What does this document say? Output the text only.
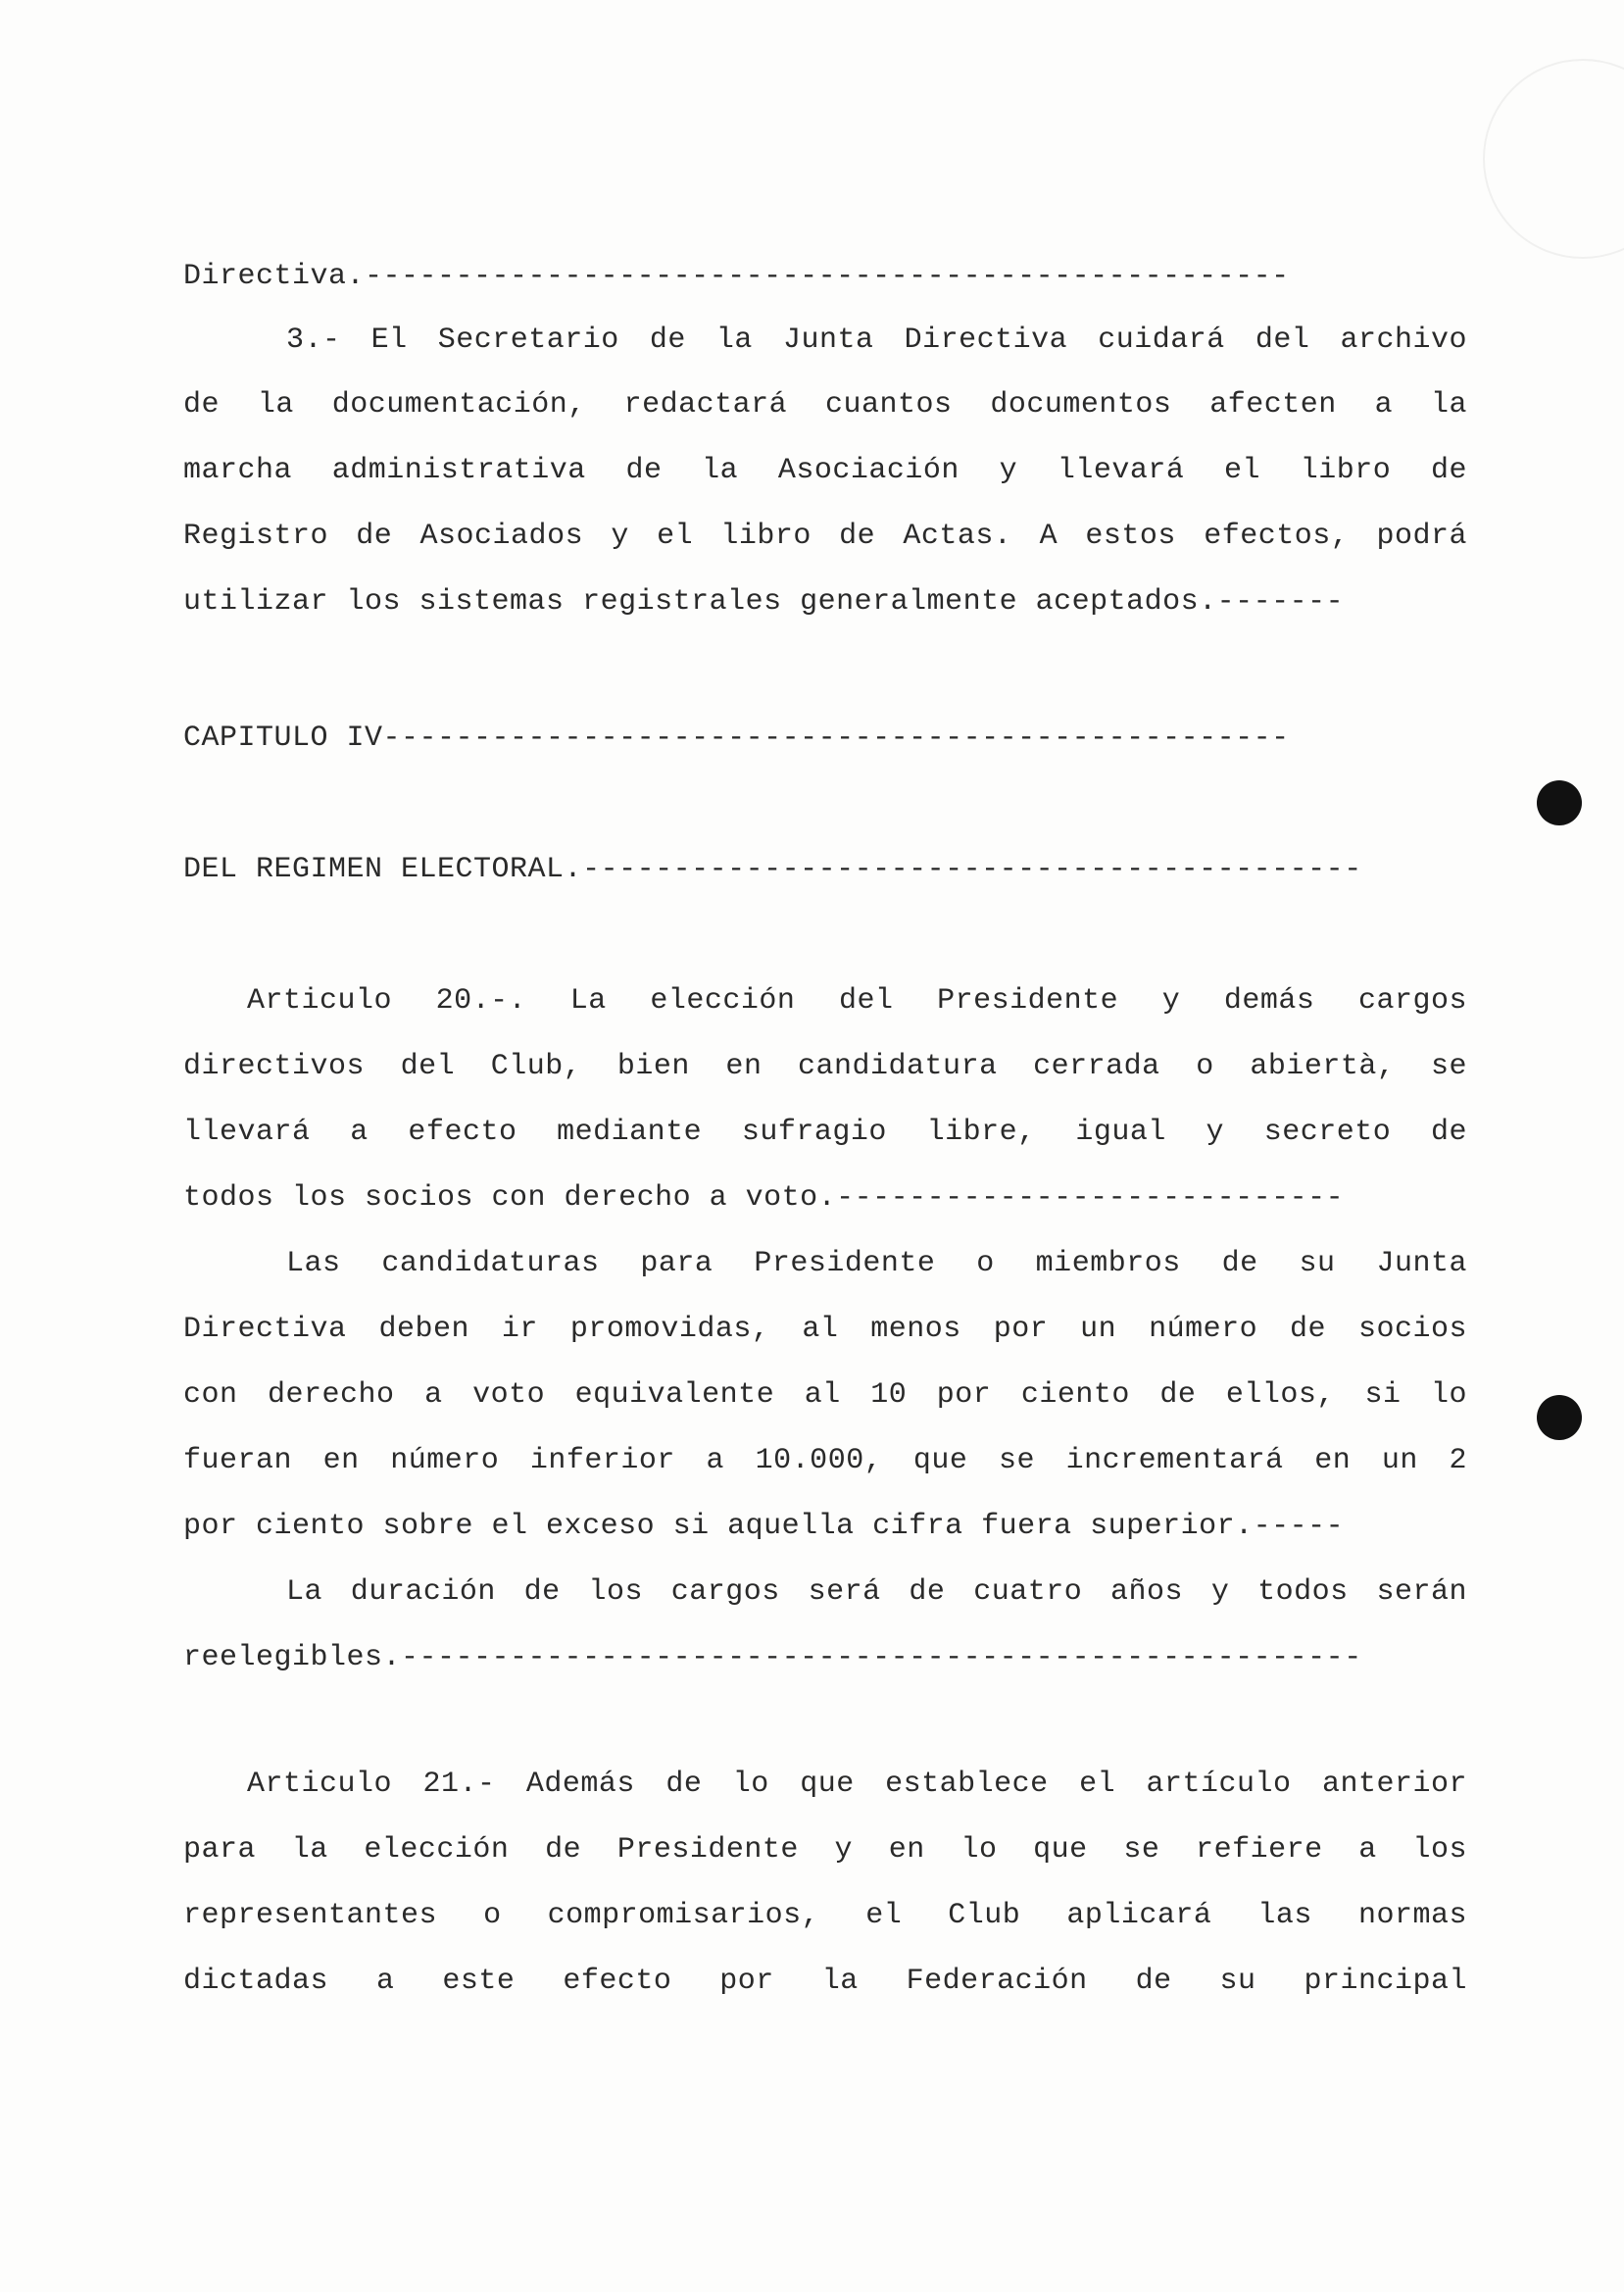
Directiva.---------------------------------------------------
3.- El Secretario de la Junta Directiva cuidará del archivo
de la documentación, redactará cuantos documentos afecten a la
marcha administrativa de la Asociación y llevará el libro de
Registro de Asociados y el libro de Actas. A estos efectos, podrá
utilizar los sistemas registrales generalmente aceptados.-------
CAPITULO IV--------------------------------------------------
DEL REGIMEN ELECTORAL.-------------------------------------------
Articulo 20.-. La elección del Presidente y demás cargos
directivos del Club, bien en candidatura cerrada o abiertà, se
llevará a efecto mediante sufragio libre, igual y secreto de
todos los socios con derecho a voto.----------------------------
Las candidaturas para Presidente o miembros de su Junta
Directiva deben ir promovidas, al menos por un número de socios
con derecho a voto equivalente al 10 por ciento de ellos, si lo
fueran en número inferior a 10.000, que se incrementará en un 2
por ciento sobre el exceso si aquella cifra fuera superior.-----
La duración de los cargos será de cuatro años y todos serán
reelegibles.-----------------------------------------------------
Articulo 21.- Además de lo que establece el artículo anterior
para la elección de Presidente y en lo que se refiere a los
representantes o compromisarios, el Club aplicará las normas
dictadas a este efecto por la Federación de su principal
